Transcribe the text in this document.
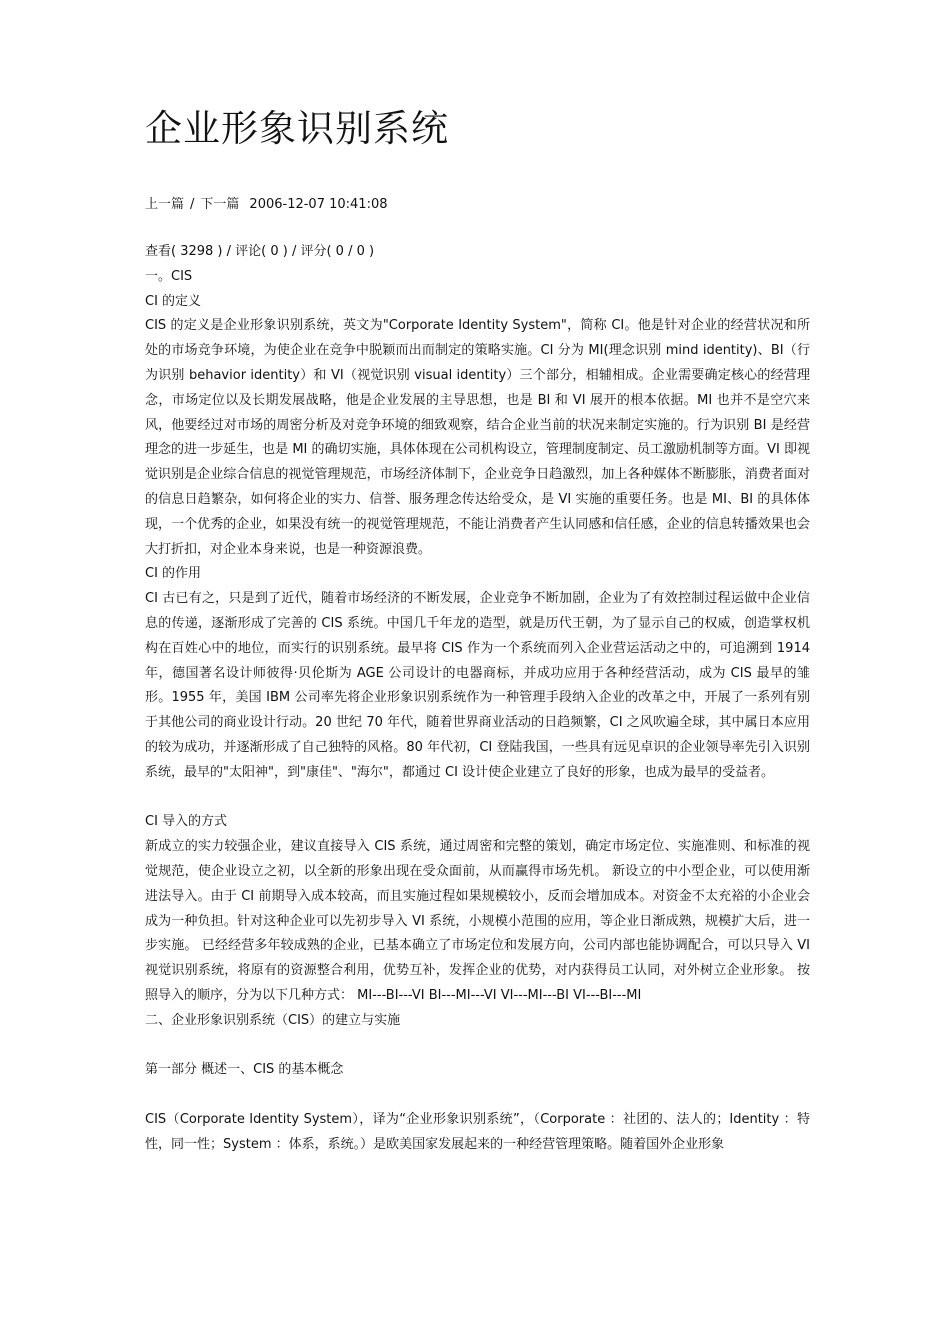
企业形象识别系统
上一篇 / 下一篇 2006-12-07 10:41:08

查看( 3298 ) / 评论( 0 ) / 评分( 0 / 0 )

一。CIS

CI 的定义

CIS 的定义是企业形象识别系统，英文为"Corporate Identity System"，简称 CI。他是针对企业的经营状况和所处的市场竞争环境，为使企业在竞争中脱颖而出而制定的策略实施。CI 分为 MI(理念识别 mind identity)、BI（行为识别 behavior identity）和 VI（视觉识别 visual identity）三个部分，相辅相成。企业需要确定核心的经营理念，市场定位以及长期发展战略，他是企业发展的主导思想，也是 BI 和 VI 展开的根本依据。MI 也并不是空穴来风，他要经过对市场的周密分析及对竞争环境的细致观察，结合企业当前的状况来制定实施的。行为识别 BI 是经营理念的进一步延生，也是 MI 的确切实施，具体体现在公司机构设立，管理制度制定、员工激励机制等方面。VI 即视觉识别是企业综合信息的视觉管理规范，市场经济体制下，企业竞争日趋激烈，加上各种媒体不断膨胀，消费者面对的信息日趋繁杂，如何将企业的实力、信誉、服务理念传达给受众，是 VI 实施的重要任务。也是 MI、BI 的具体体现，一个优秀的企业，如果没有统一的视觉管理规范，不能让消费者产生认同感和信任感，企业的信息转播效果也会大打折扣，对企业本身来说，也是一种资源浪费。

CI 的作用

CI 古已有之，只是到了近代，随着市场经济的不断发展，企业竞争不断加剧，企业为了有效控制过程运做中企业信息的传递，逐渐形成了完善的 CIS 系统。中国几千年龙的造型，就是历代王朝，为了显示自己的权威，创造掌权机构在百姓心中的地位，而实行的识别系统。最早将 CIS 作为一个系统而列入企业营运活动之中的，可追溯到 1914 年，德国著名设计师彼得·贝伦斯为 AGE 公司设计的电器商标，并成功应用于各种经营活动，成为 CIS 最早的雏形。1955 年，美国 IBM 公司率先将企业形象识别系统作为一种管理手段纳入企业的改革之中，开展了一系列有别于其他公司的商业设计行动。20 世纪 70 年代，随着世界商业活动的日趋频繁，CI 之风吹遍全球，其中属日本应用的较为成功，并逐渐形成了自己独特的风格。80 年代初，CI 登陆我国，一些具有远见卓识的企业领导率先引入识别系统，最早的"太阳神"，到"康佳"、"海尔"，都通过 CI 设计使企业建立了良好的形象，也成为最早的受益者。

CI 导入的方式

新成立的实力较强企业，建议直接导入 CIS 系统，通过周密和完整的策划，确定市场定位、实施准则、和标准的视觉规范，使企业设立之初，以全新的形象出现在受众面前，从而赢得市场先机。 新设立的中小型企业，可以使用渐进法导入。由于 CI 前期导入成本较高，而且实施过程如果规模较小，反而会增加成本。对资金不太充裕的小企业会成为一种负担。针对这种企业可以先初步导入 VI 系统，小规模小范围的应用，等企业日渐成熟，规模扩大后，进一步实施。 已经经营多年较成熟的企业，已基本确立了市场定位和发展方向，公司内部也能协调配合，可以只导入 VI 视觉识别系统，将原有的资源整合利用，优势互补，发挥企业的优势，对内获得员工认同，对外树立企业形象。 按照导入的顺序，分为以下几种方式： MI---BI---VI BI---MI---VI VI---MI---BI VI---BI---MI

二、企业形象识别系统（CIS）的建立与实施

第一部分 概述一、CIS 的基本概念

CIS（Corporate Identity System），译为“企业形象识别系统”，（Corporate ：社团的、法人的；Identity ：特性，同一性；System ：体系，系统。）是欧美国家发展起来的一种经营管理策略。随着国外企业形象
